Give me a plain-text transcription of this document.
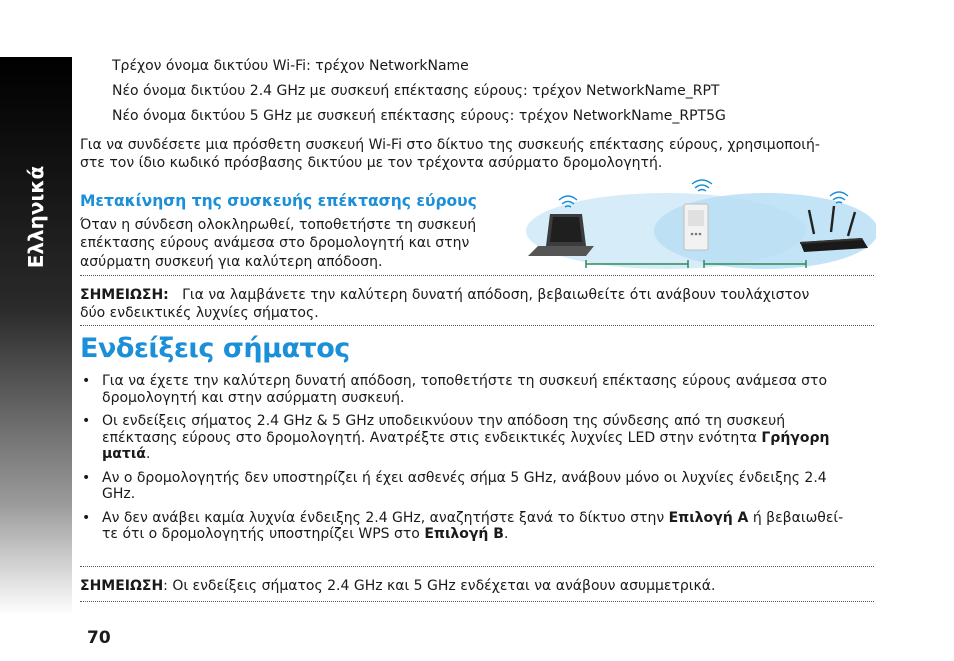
Ελληνικά
Τρέχον όνομα δικτύου Wi-Fi: τρέχον NetworkName
Νέο όνομα δικτύου 2.4 GHz με συσκευή επέκτασης εύρους: τρέχον NetworkName_RPT
Νέο όνομα δικτύου 5 GHz με συσκευή επέκτασης εύρους: τρέχον NetworkName_RPT5G
Για να συνδέσετε μια πρόσθετη συσκευή Wi-Fi στο δίκτυο της συσκευής επέκτασης εύρους, χρησιμοποιή-
στε τον ίδιο κωδικό πρόσβασης δικτύου με τον τρέχοντα ασύρματο δρομολογητή.
Μετακίνηση της συσκευής επέκτασης εύρους
Όταν η σύνδεση ολοκληρωθεί, τοποθετήστε τη συσκευή
επέκτασης εύρους ανάμεσα στο δρομολογητή και στην
ασύρματη συσκευή για καλύτερη απόδοση.
ΣΗΜΕΙΩΣΗ: Για να λαμβάνετε την καλύτερη δυνατή απόδοση, βεβαιωθείτε ότι ανάβουν τουλάχιστον
δύο ενδεικτικές λυχνίες σήματος.
Ενδείξεις σήματος
• Για να έχετε την καλύτερη δυνατή απόδοση, τοποθετήστε τη συσκευή επέκτασης εύρους ανάμεσα στο
δρομολογητή και στην ασύρματη συσκευή.
• Οι ενδείξεις σήματος 2.4 GHz & 5 GHz υποδεικνύουν την απόδοση της σύνδεσης από τη συσκευή
επέκτασης εύρους στο δρομολογητή. Ανατρέξτε στις ενδεικτικές λυχνίες LED στην ενότητα Γρήγορη ματιά.
• Αν ο δρομολογητής δεν υποστηρίζει ή έχει ασθενές σήμα 5 GHz, ανάβουν μόνο οι λυχνίες ένδειξης 2.4
GHz.
• Αν δεν ανάβει καμία λυχνία ένδειξης 2.4 GHz, αναζητήστε ξανά το δίκτυο στην Επιλογή A ή βεβαιωθεί-
τε ότι ο δρομολογητής υποστηρίζει WPS στο Επιλογή B.
ΣΗΜΕΙΩΣΗ: Οι ενδείξεις σήματος 2.4 GHz και 5 GHz ενδέχεται να ανάβουν ασυμμετρικά.
70
